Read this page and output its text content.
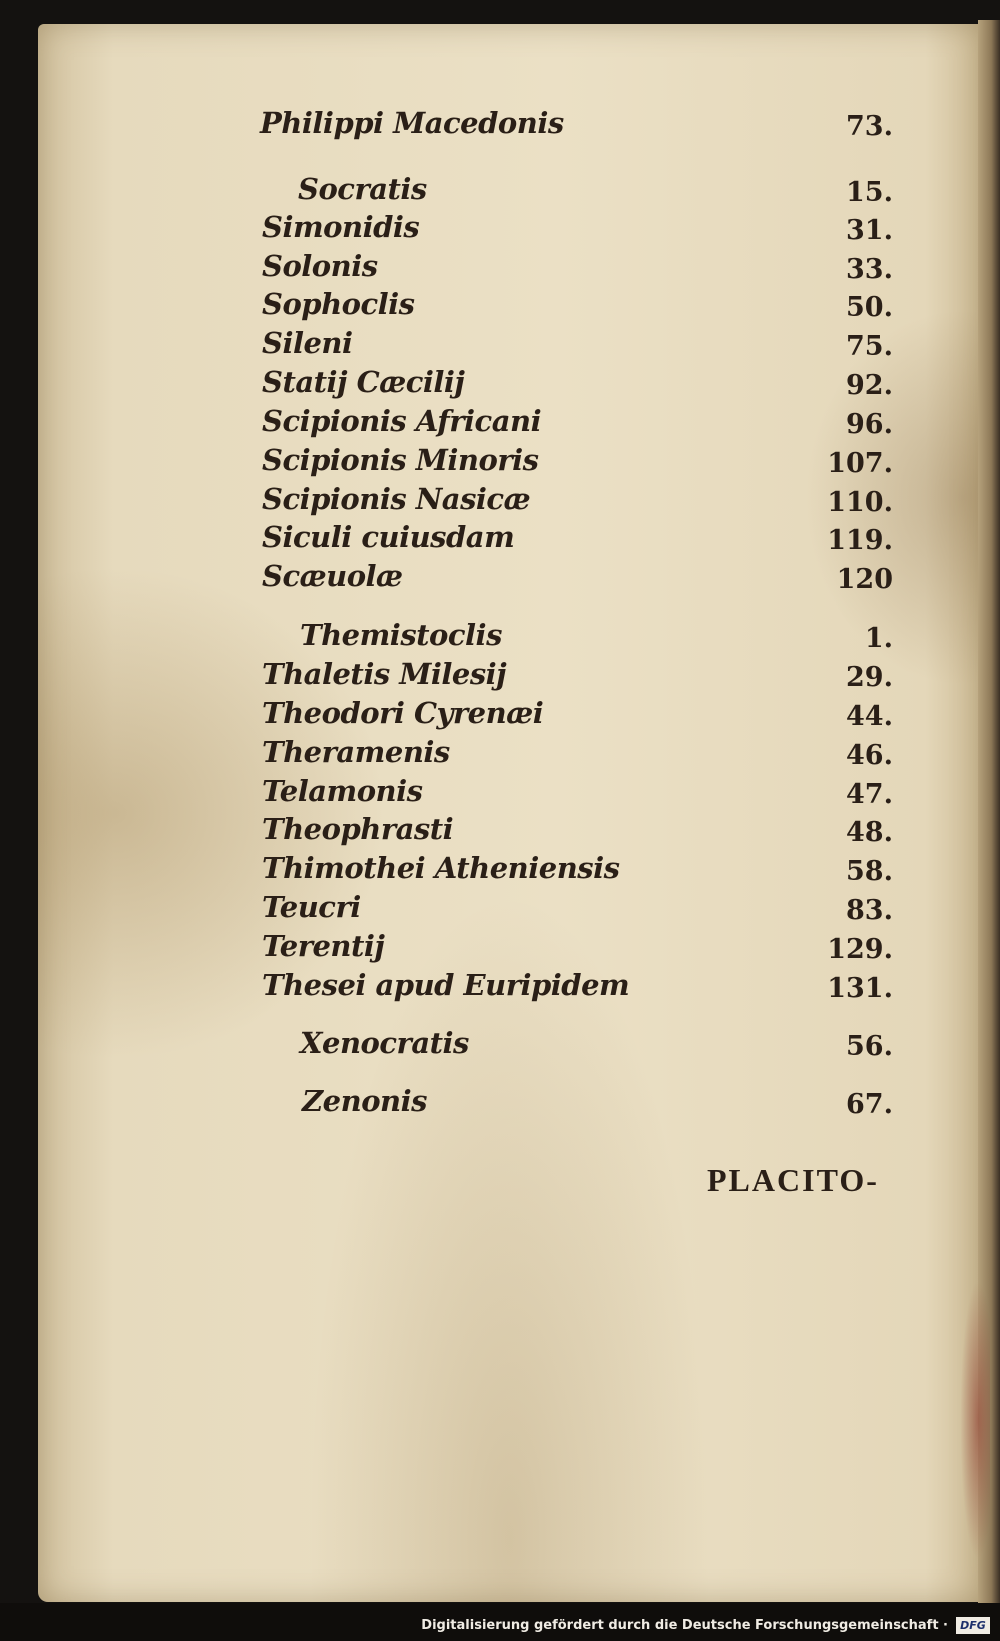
Philippi Macedonis	73.
Socratis	15.
Simonidis	31.
Solonis	33.
Sophoclis	50.
Sileni	75.
Statij Cæcilij	92.
Scipionis Africani	96.
Scipionis Minoris	107.
Scipionis Nasicæ	110.
Siculi cuiusdam	119.
Scæuolæ	120
Themistoclis	1.
Thaletis Milesij	29.
Theodori Cyrenæi	44.
Theramenis	46.
Telamonis	47.
Theophrasti	48.
Thimothei Atheniensis	58.
Teucri	83.
Terentij	129.
Thesei apud Euripidem	131.
Xenocratis	56.
Zenonis	67.
PLACITO-
Digitalisierung gefördert durch die Deutsche Forschungsgemeinschaft ·	DFG
